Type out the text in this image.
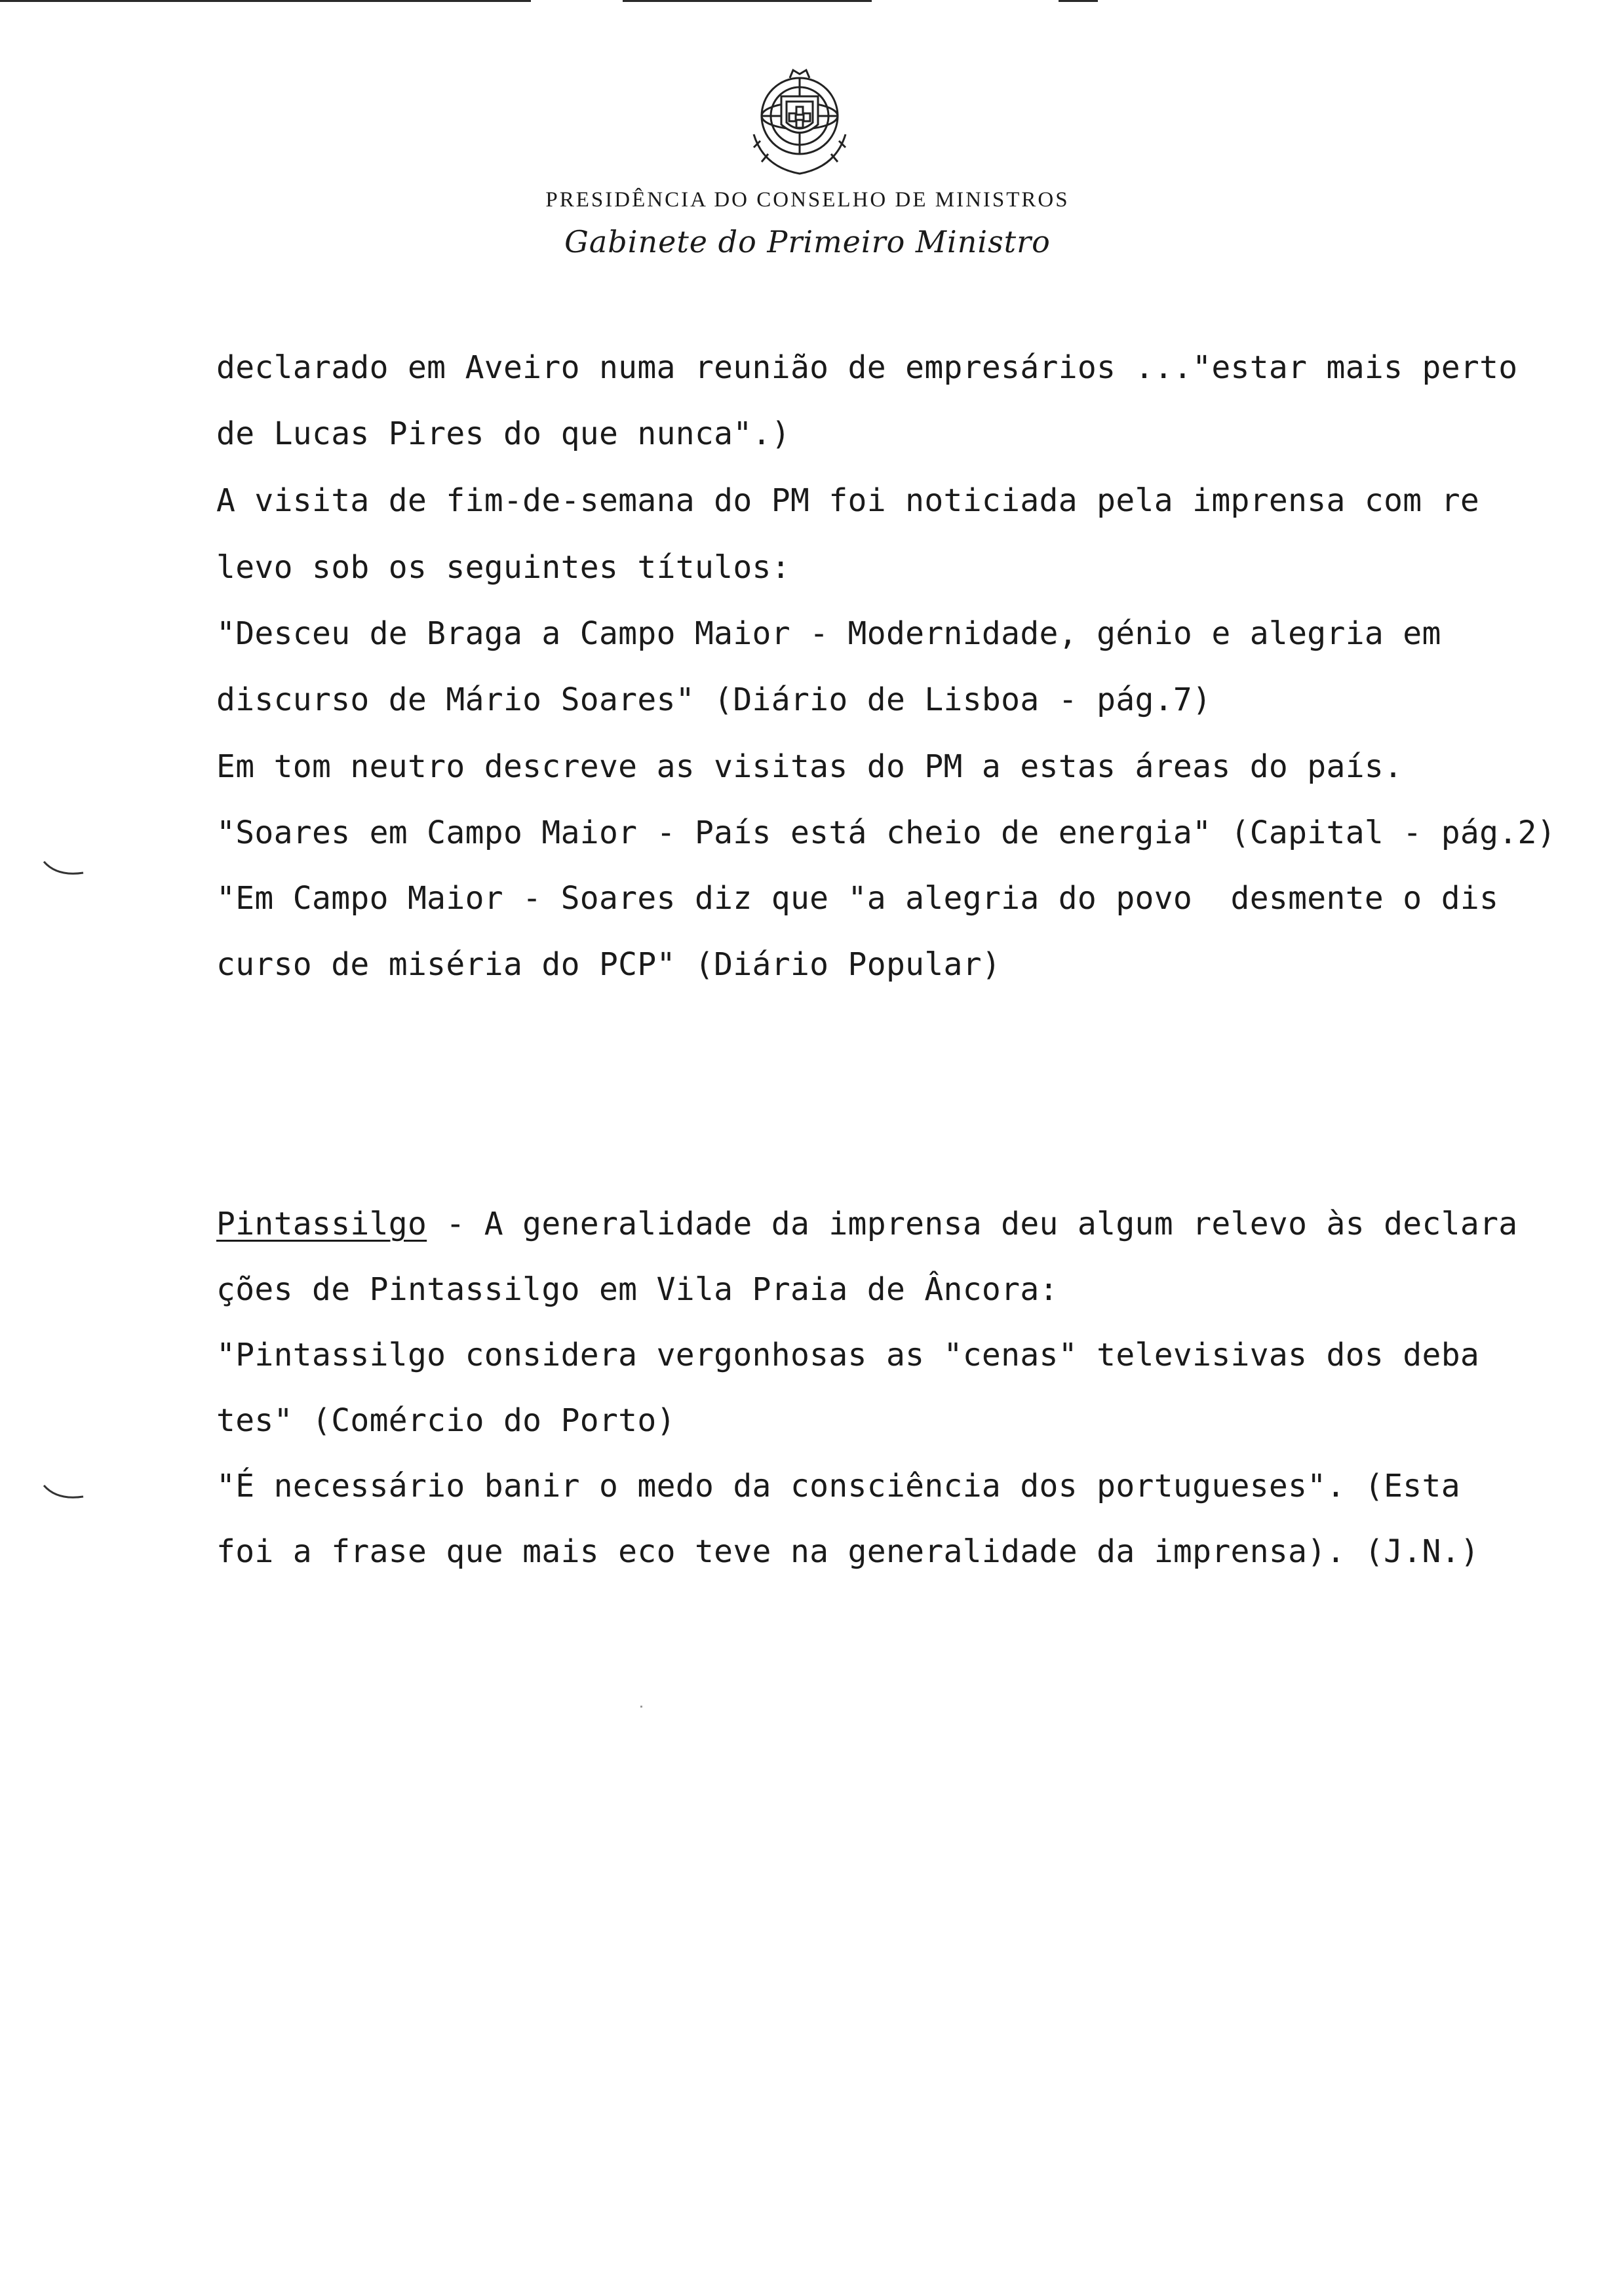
PRESIDÊNCIA DO CONSELHO DE MINISTROS
Gabinete do Primeiro Ministro
declarado em Aveiro numa reunião de empresários ..."estar mais perto
de Lucas Pires do que nunca".)
A visita de fim-de-semana do PM foi noticiada pela imprensa com re
levo sob os seguintes títulos:
"Desceu de Braga a Campo Maior - Modernidade, génio e alegria em
discurso de Mário Soares" (Diário de Lisboa - pág.7)
Em tom neutro descreve as visitas do PM a estas áreas do país.
"Soares em Campo Maior - País está cheio de energia" (Capital - pág.2)
"Em Campo Maior - Soares diz que "a alegria do povo  desmente o dis
curso de miséria do PCP" (Diário Popular)
Pintassilgo - A generalidade da imprensa deu algum relevo às declara
ções de Pintassilgo em Vila Praia de Âncora:
"Pintassilgo considera vergonhosas as "cenas" televisivas dos deba
tes" (Comércio do Porto)
"É necessário banir o medo da consciência dos portugueses". (Esta
foi a frase que mais eco teve na generalidade da imprensa). (J.N.)
